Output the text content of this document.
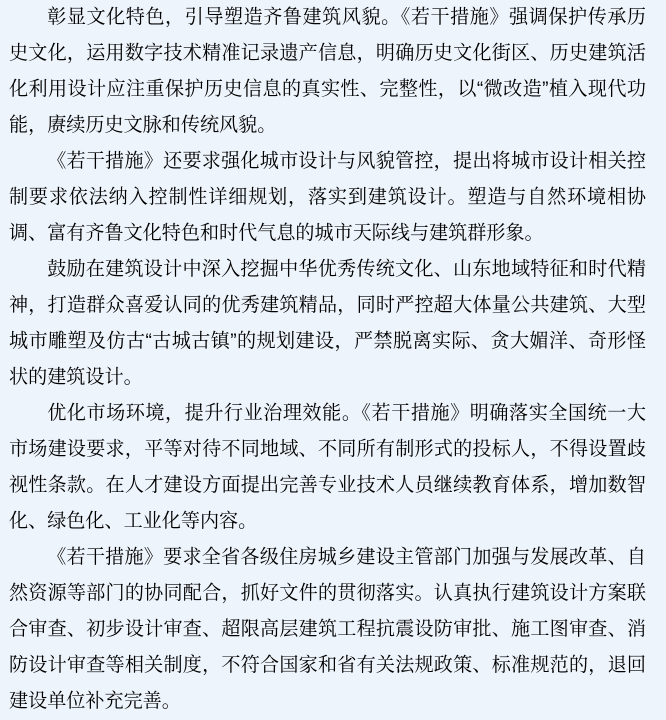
彰显文化特色，引导塑造齐鲁建筑风貌。《若干措施》强调保护传承历史文化，运用数字技术精准记录遗产信息，明确历史文化街区、历史建筑活化利用设计应注重保护历史信息的真实性、完整性，以“微改造”植入现代功能，赓续历史文脉和传统风貌。

《若干措施》还要求强化城市设计与风貌管控，提出将城市设计相关控制要求依法纳入控制性详细规划，落实到建筑设计。塑造与自然环境相协调、富有齐鲁文化特色和时代气息的城市天际线与建筑群形象。

鼓励在建筑设计中深入挖掘中华优秀传统文化、山东地域特征和时代精神，打造群众喜爱认同的优秀建筑精品，同时严控超大体量公共建筑、大型城市雕塑及仿古“古城古镇”的规划建设，严禁脱离实际、贪大媚洋、奇形怪状的建筑设计。

优化市场环境，提升行业治理效能。《若干措施》明确落实全国统一大市场建设要求，平等对待不同地域、不同所有制形式的投标人，不得设置歧视性条款。在人才建设方面提出完善专业技术人员继续教育体系，增加数智化、绿色化、工业化等内容。

《若干措施》要求全省各级住房城乡建设主管部门加强与发展改革、自然资源等部门的协同配合，抓好文件的贯彻落实。认真执行建筑设计方案联合审查、初步设计审查、超限高层建筑工程抗震设防审批、施工图审查、消防设计审查等相关制度，不符合国家和省有关法规政策、标准规范的，退回建设单位补充完善。
